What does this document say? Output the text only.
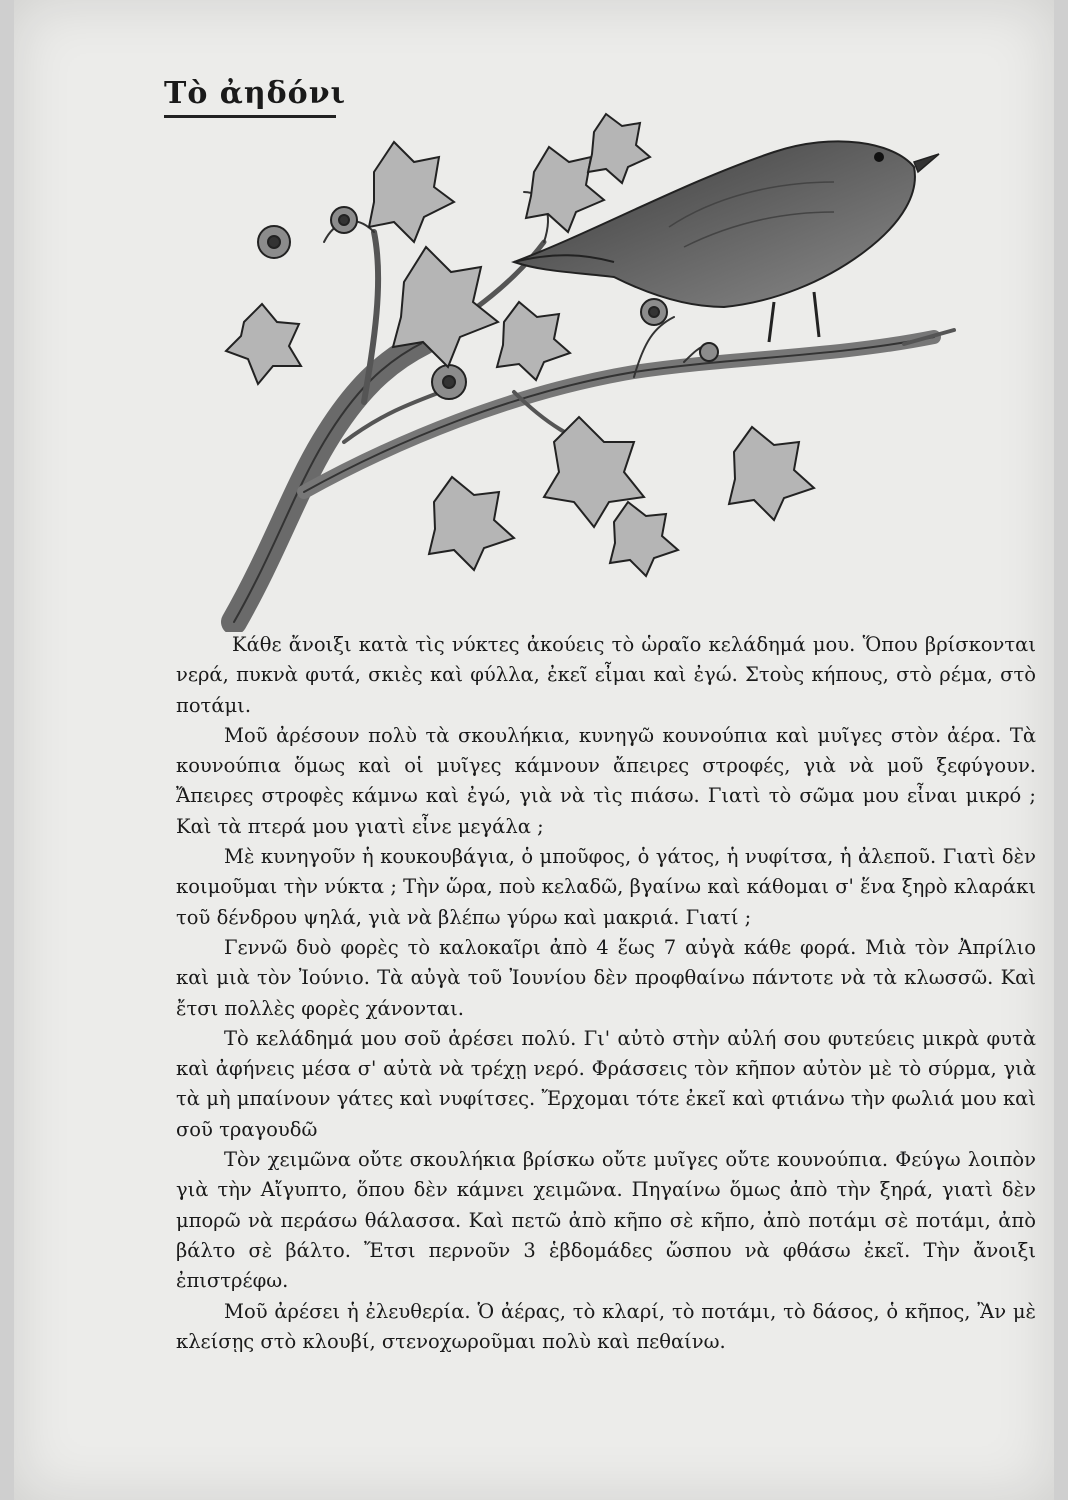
Τὸ ἀηδόνι

Κάθε ἄνοιξι κατὰ τὶς νύκτες ἀκούεις τὸ ὡραῖο κελάδημά μου. Ὅπου βρίσκονται νερά, πυκνὰ φυτά, σκιὲς καὶ φύλλα, ἐκεῖ εἶμαι καὶ ἐγώ. Στοὺς κήπους, στὸ ρέμα, στὸ ποτάμι.

Μοῦ ἀρέσουν πολὺ τὰ σκουλήκια, κυνηγῶ κουνούπια καὶ μυῖγες στὸν ἀέρα. Τὰ κουνούπια ὅμως καὶ οἱ μυῖγες κάμνουν ἄπειρες στροφές, γιὰ νὰ μοῦ ξεφύγουν. Ἄπειρες στροφὲς κάμνω καὶ ἐγώ, γιὰ νὰ τὶς πιάσω. Γιατὶ τὸ σῶμα μου εἶναι μικρό ; Καὶ τὰ πτερά μου γιατὶ εἶνε μεγάλα ;

Μὲ κυνηγοῦν ἡ κουκουβάγια, ὁ μποῦφος, ὁ γάτος, ἡ νυφίτσα, ἡ ἀλεποῦ. Γιατὶ δὲν κοιμοῦμαι τὴν νύκτα ; Τὴν ὥρα, ποὺ κελαδῶ, βγαίνω καὶ κάθομαι σ' ἕνα ξηρὸ κλαράκι τοῦ δένδρου ψηλά, γιὰ νὰ βλέπω γύρω καὶ μακριά. Γιατί ;

Γεννῶ δυὸ φορὲς τὸ καλοκαῖρι ἀπὸ 4 ἕως 7 αὐγὰ κάθε φορά. Μιὰ τὸν Ἀπρίλιο καὶ μιὰ τὸν Ἰούνιο. Τὰ αὐγὰ τοῦ Ἰουνίου δὲν προφθαίνω πάντοτε νὰ τὰ κλωσσῶ. Καὶ ἔτσι πολλὲς φορὲς χάνονται.

Τὸ κελάδημά μου σοῦ ἀρέσει πολύ. Γι' αὐτὸ στὴν αὐλή σου φυτεύεις μικρὰ φυτὰ καὶ ἀφήνεις μέσα σ' αὐτὰ νὰ τρέχῃ νερό. Φράσσεις τὸν κῆπον αὐτὸν μὲ τὸ σύρμα, γιὰ τὰ μὴ μπαίνουν γάτες καὶ νυφίτσες. Ἔρχομαι τότε ἐκεῖ καὶ φτιάνω τὴν φωλιά μου καὶ σοῦ τραγουδῶ

Τὸν χειμῶνα οὔτε σκουλήκια βρίσκω οὔτε μυῖγες οὔτε κουνούπια. Φεύγω λοιπὸν γιὰ τὴν Αἴγυπτο, ὅπου δὲν κάμνει χειμῶνα. Πηγαίνω ὅμως ἀπὸ τὴν ξηρά, γιατὶ δὲν μπορῶ νὰ περάσω θάλασσα. Καὶ πετῶ ἀπὸ κῆπο σὲ κῆπο, ἀπὸ ποτάμι σὲ ποτάμι, ἀπὸ βάλτο σὲ βάλτο. Ἔτσι περνοῦν 3 ἑβδομάδες ὥσπου νὰ φθάσω ἐκεῖ. Τὴν ἄνοιξι ἐπιστρέφω.

Μοῦ ἀρέσει ἡ ἐλευθερία. Ὁ ἀέρας, τὸ κλαρί, τὸ ποτάμι, τὸ δάσος, ὁ κῆπος, Ἂν μὲ κλείσῃς στὸ κλουβί, στενοχωροῦμαι πολὺ καὶ πεθαίνω.
